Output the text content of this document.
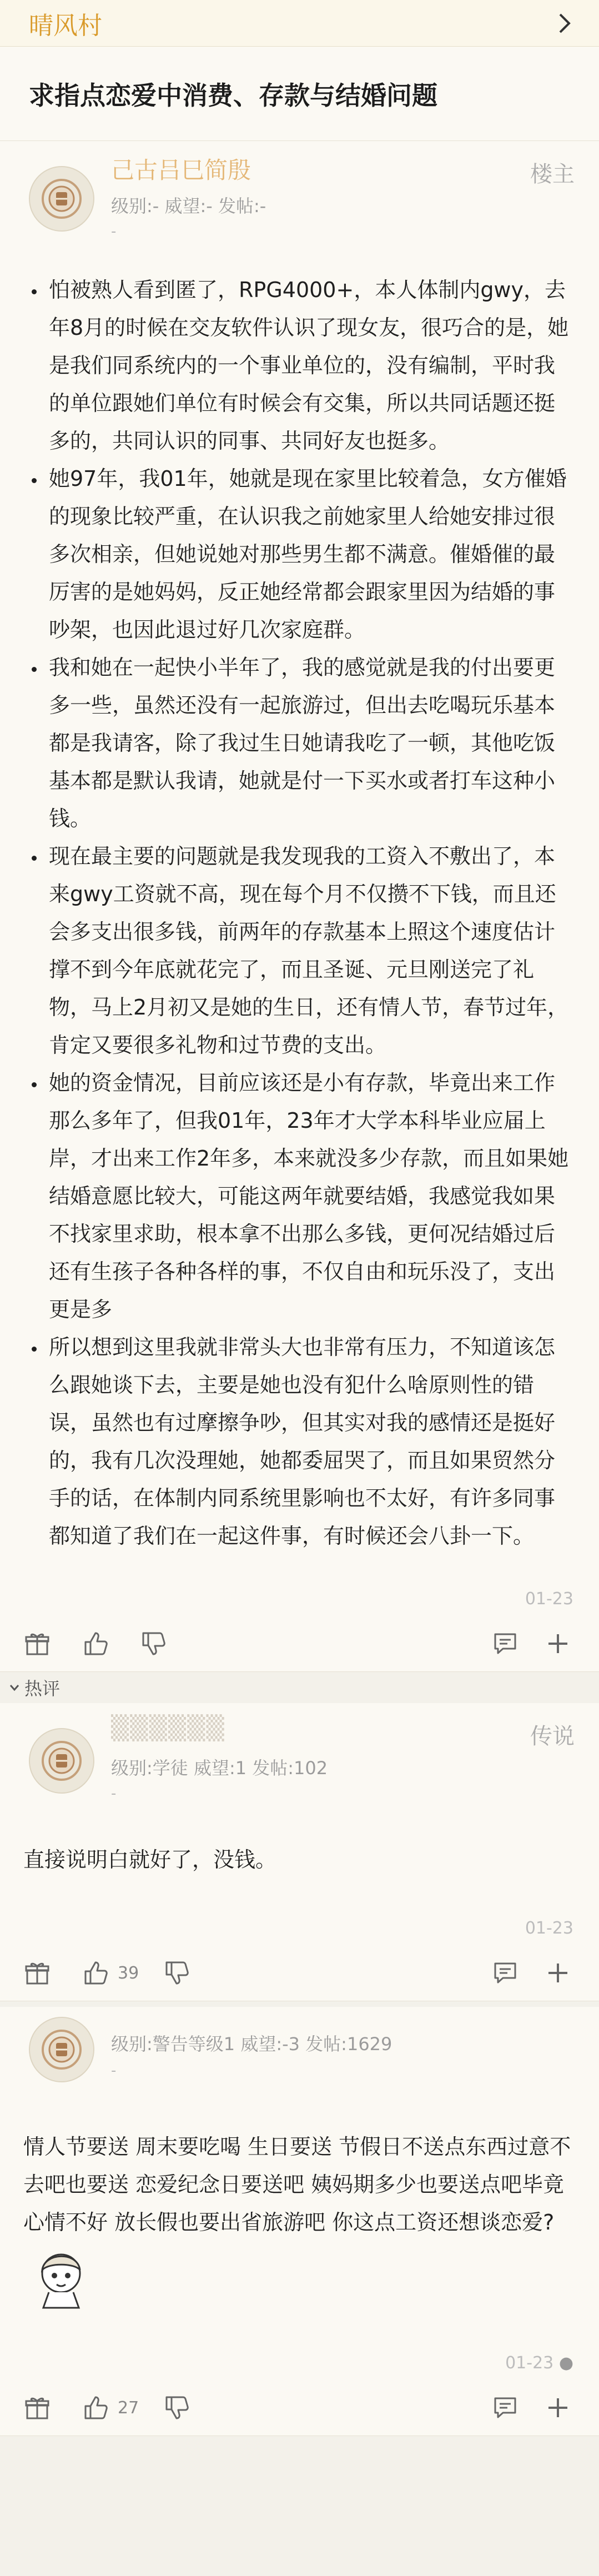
晴风村
求指点恋爱中消费、存款与结婚问题
己古吕巳简殷
级别:- 威望:- 发帖:-
-
楼主
• 怕被熟人看到匿了，RPG4000+，本人体制内gwy，去年8月的时候在交友软件认识了现女友，很巧合的是，她是我们同系统内的一个事业单位的，没有编制，平时我的单位跟她们单位有时候会有交集，所以共同话题还挺多的，共同认识的同事、共同好友也挺多。
• 她97年，我01年，她就是现在家里比较着急，女方催婚的现象比较严重，在认识我之前她家里人给她安排过很多次相亲，但她说她对那些男生都不满意。催婚催的最厉害的是她妈妈，反正她经常都会跟家里因为结婚的事吵架，也因此退过好几次家庭群。
• 我和她在一起快小半年了，我的感觉就是我的付出要更多一些，虽然还没有一起旅游过，但出去吃喝玩乐基本都是我请客，除了我过生日她请我吃了一顿，其他吃饭基本都是默认我请，她就是付一下买水或者打车这种小钱。
• 现在最主要的问题就是我发现我的工资入不敷出了，本来gwy工资就不高，现在每个月不仅攒不下钱，而且还会多支出很多钱，前两年的存款基本上照这个速度估计撑不到今年底就花完了，而且圣诞、元旦刚送完了礼物，马上2月初又是她的生日，还有情人节，春节过年，肯定又要很多礼物和过节费的支出。
• 她的资金情况，目前应该还是小有存款，毕竟出来工作那么多年了，但我01年，23年才大学本科毕业应届上岸，才出来工作2年多，本来就没多少存款，而且如果她结婚意愿比较大，可能这两年就要结婚，我感觉我如果不找家里求助，根本拿不出那么多钱，更何况结婚过后还有生孩子各种各样的事，不仅自由和玩乐没了，支出更是多
• 所以想到这里我就非常头大也非常有压力，不知道该怎么跟她谈下去，主要是她也没有犯什么啥原则性的错误，虽然也有过摩擦争吵，但其实对我的感情还是挺好的，我有几次没理她，她都委屈哭了，而且如果贸然分手的话，在体制内同系统里影响也不太好，有许多同事都知道了我们在一起这件事，有时候还会八卦一下。
01-23
热评
▒▒▒▒▒▒
级别:学徒 威望:1 发帖:102
-
传说
直接说明白就好了，没钱。
01-23
39
级别:警告等级1 威望:-3 发帖:1629
-
情人节要送 周末要吃喝 生日要送 节假日不送点东西过意不去吧也要送 恋爱纪念日要送吧 姨妈期多少也要送点吧毕竟心情不好 放长假也要出省旅游吧 你这点工资还想谈恋爱?
01-23 ●
27
